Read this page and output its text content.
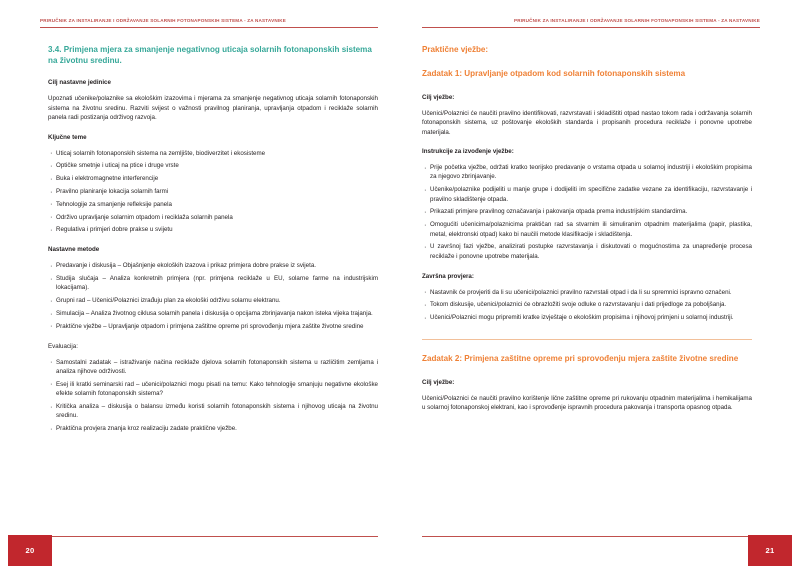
PRIRUČNIK ZA INSTALIRANJE I ODRŽAVANJE SOLARNIH FOTONAPONSKIH SISTEMA - ZA NASTAVNIKE
3.4. Primjena mjera za smanjenje negativnog uticaja solarnih fotonaponskih sistema na životnu sredinu.
Cilj nastavne jedinice

Upoznati učenike/polaznike sa ekološkim izazovima i mjerama za smanjenje negativnog uticaja solarnih fotonaponskih sistema na životnu sredinu. Razviti svijest o važnosti pravilnog planiranja, upravljanja otpadom i reciklaže solarnih panela radi postizanja održivog razvoja.

Ključne teme
· Uticaj solarnih fotonaponskih sistema na zemljište, biodiverzitet i ekosisteme
· Optičke smetnje i uticaj na ptice i druge vrste
· Buka i elektromagnetne interferencije
· Pravilno planiranje lokacija solarnih farmi
· Tehnologije za smanjenje refleksije panela
· Održivo upravljanje solarnim otpadom i reciklaža solarnih panela
· Regulativa i primjeri dobre prakse u svijetu
Nastavne metode
· Predavanje i diskusija – Objašnjenje ekoloških izazova i prikaz primjera dobre prakse iz svijeta.
· Studija slučaja – Analiza konkretnih primjera (npr. primjena reciklaže u EU, solarne farme na industrijskim lokacijama).
· Grupni rad – Učenici/Polaznici izrađuju plan za ekološki održivu solarnu elektranu.
· Simulacija – Analiza životnog ciklusa solarnih panela i diskusija o opcijama zbrinjavanja nakon isteka vijeka trajanja.
· Praktične vježbe – Upravljanje otpadom i primjena zaštitne opreme pri sprovođenju mjera zaštite životne sredine
Evaluacija:
· Samostalni zadatak – istraživanje načina reciklaže djelova solarnih fotonaponskih sistema u različitim zemljama i analiza njihove održivosti.
· Esej ili kratki seminarski rad – učenici/polaznici mogu pisati na temu: Kako tehnologije smanjuju negativne ekološke efekte solarnih fotonaponskih sistema?
· Kritička analiza – diskusija o balansu između koristi solarnih fotonaponskih sistema i njihovog uticaja na životnu sredinu.
· Praktična provjera znanja kroz realizaciju zadate praktične vježbe.
20
PRIRUČNIK ZA INSTALIRANJE I ODRŽAVANJE SOLARNIH FOTONAPONSKIH SISTEMA - ZA NASTAVNIKE
Praktične vježbe:
Zadatak 1: Upravljanje otpadom kod solarnih fotonaponskih sistema
Cilj vježbe:

Učenici/Polaznici će naučiti pravilno identifikovati, razvrstavati i skladištiti otpad nastao tokom rada i održavanja solarnih fotonaponskih sistema, uz poštovanje ekoloških standarda i propisanih procedura reciklaže i ponovne upotrebe materijala.

Instrukcije za izvođenje vježbe:
· Prije početka vježbe, održati kratko teorijsko predavanje o vrstama otpada u solarnoj industriji i ekološkim propisima za njegovo zbrinjavanje.
· Učenike/polaznike podijeliti u manje grupe i dodijeliti im specifične zadatke vezane za identifikaciju, razvrstavanje i pravilno skladištenje otpada.
· Prikazati primjere pravilnog označavanja i pakovanja otpada prema industrijskim standardima.
· Omogućiti učenicima/polaznicima praktičan rad sa stvarnim ili simuliranim otpadnim materijalima (papir, plastika, metal, elektronski otpad) kako bi naučili metode klasifikacije i skladištenja.
· U završnoj fazi vježbe, analizirati postupke razvrstavanja i diskutovati o mogućnostima za unapređenje procesa reciklaže i ponovne upotrebe materijala.
Završna provjera:
· Nastavnik će provjeriti da li su učenici/polaznici pravilno razvrstali otpad i da li su spremnici ispravno označeni.
· Tokom diskusije, učenici/polaznici će obrazložiti svoje odluke o razvrstavanju i dati prijedloge za poboljšanja.
· Učenici/Polaznici mogu pripremiti kratke izvještaje o ekološkim propisima i njihovoj primjeni u solarnoj industriji.
Zadatak 2: Primjena zaštitne opreme pri sprovođenju mjera zaštite životne sredine
Cilj vježbe:

Učenici/Polaznici će naučiti pravilno korištenje lične zaštitne opreme pri rukovanju otpadnim materijalima i hemikalijama u solarnoj fotonaponskoj elektrani, kao i sprovođenje ispravnih procedura pakovanja i transporta opasnog otpada.

21
